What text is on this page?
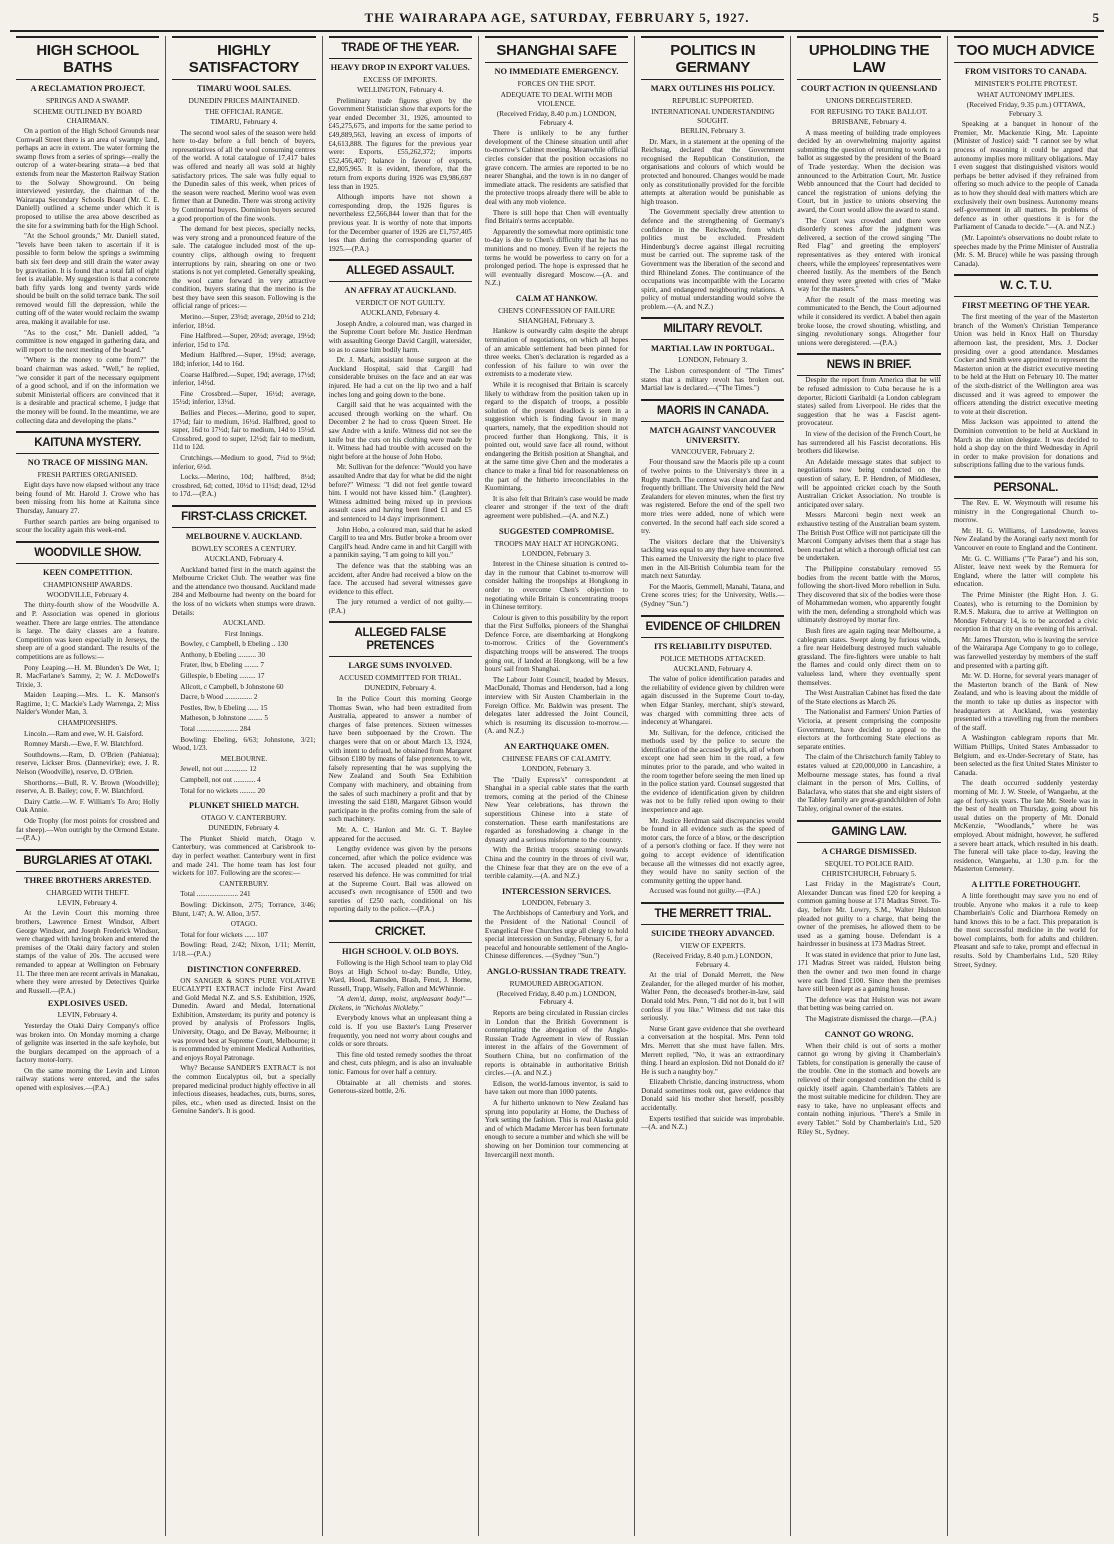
THE WAIRARAPA AGE, SATURDAY, FEBRUARY 5, 1927.	5
HIGH SCHOOL BATHS
A RECLAMATION PROJECT.
SPRINGS AND A SWAMP.
SCHEME OUTLINED BY BOARD CHAIRMAN.

On a portion of the High School Grounds near Cornwall Street there is an area of swampy land, perhaps an acre in extent. The water forming the swamp flows from a series of springs—really the outcrop of a water-bearing strata—a bed that extends from near the Masterton Railway Station to the Solway Showground. On being interviewed yesterday, the chairman of the Wairarapa Secondary Schools Board (Mr. C. E. Daniell) outlined a scheme under which it is proposed to utilise the area above described as the site for a swimming bath for the High School.

"At the School grounds," Mr. Daniell stated, "levels have been taken to ascertain if it is possible to form below the springs a swimming bath six feet deep and still drain the water away by gravitation. It is found that a total fall of eight feet is available. My suggestion is that a concrete bath fifty yards long and twenty yards wide should be built on the solid terrace bank. The soil removed would fill the depression, while the cutting off of the water would reclaim the swamp area, making it available for use.

"As to the cost," Mr. Daniell added, "a committee is now engaged in gathering data, and will report to the next meeting of the board."

"Where is the money to come from?" the board chairman was asked. "Well," he replied, "we consider it part of the necessary equipment of a good school, and if on the information we submit Ministerial officers are convinced that it is a desirable and practical scheme, I judge that the money will be found. In the meantime, we are collecting data and developing the plans."

KAITUNA MYSTERY.
NO TRACE OF MISSING MAN.
FRESH PARTIES ORGANISED.

Eight days have now elapsed without any trace being found of Mr. Harold J. Crowe who has been missing from his home at Kaituna since Thursday, January 27.

Further search parties are being organised to scour the locality again this week-end.

WOODVILLE SHOW.
KEEN COMPETITION.
CHAMPIONSHIP AWARDS.
WOODVILLE, February 4.

The thirty-fourth show of the Woodville A. and P. Association was opened in glorious weather. There are large entries. The attendance is large. The dairy classes are a feature. Competition was keen especially in Jerseys, the sheep are of a good standard. The results of the competitions are as follows:—

Pony Leaping.—H. M. Blunden's De Wet, 1; R. MacFarlane's Sammy, 2; W. J. McDowell's Trixie, 3.

Maiden Leaping.—Mrs. L. K. Manson's Ragtime, 1; C. Mackie's Lady Warrenga, 2; Miss Nalder's Wonder Man, 3.

CHAMPIONSHIPS.

Lincoln.—Ram and ewe, W. H. Gaisford.

Romney Marsh.—Ewe, F. W. Blatchford.

Southdowns.—Ram, D. O'Brien (Pahiatua); reserve, Lickser Bros. (Dannevirke); ewe, J. R. Nelson (Woodville), reserve, D. O'Brien.

Shorthorns.—Bull, R. V. Brown (Woodville); reserve, A. B. Bailey; cow, F. W. Blatchford.

Dairy Cattle.—W. F. William's To Aro; Holly Oak Annie.

Ode Trophy (for most points for crossbred and fat sheep).—Won outright by the Ormond Estate.—(P.A.)

BURGLARIES AT OTAKI.
THREE BROTHERS ARRESTED.
CHARGED WITH THEFT.
LEVIN, February 4.

At the Levin Court this morning three brothers, Lawrence Ernest Windsor, Albert George Windsor, and Joseph Frederick Windsor, were charged with having broken and entered the premises of the Otaki dairy factory and stolen stamps of the value of 20s. The accused were remanded to appear at Wellington on February 11. The three men are recent arrivals in Manakau, where they were arrested by Detectives Quirke and Russell.—(P.A.)

EXPLOSIVES USED.
LEVIN, February 4.

Yesterday the Otaki Dairy Company's office was broken into. On Monday morning a charge of gelignite was inserted in the safe keyhole, but the burglars decamped on the approach of a factory motor-lorry.

On the same morning the Levin and Linton railway stations were entered, and the safes opened with explosives.—(P.A.)

HIGHLY SATISFACTORY
TIMARU WOOL SALES.
DUNEDIN PRICES MAINTAINED.
THE OFFICIAL RANGE.
TIMARU, February 4.

The second wool sales of the season were held here to-day before a full bench of buyers, representatives of all the wool consuming centres of the world. A total catalogue of 17,417 bales was offered and nearly all was sold at highly satisfactory prices. The sale was fully equal to the Dunedin sales of this week, when prices of the season were reached. Merino wool was even firmer than at Dunedin. There was strong activity by Continental buyers. Dominion buyers secured a good proportion of the fine wools.

The demand for best pieces, specially necks, was very strong and a pronounced feature of the sale. The catalogue included most of the up-country clips, although owing to frequent interruptions by rain, shearing on one or two stations is not yet completed. Generally speaking, the wool came forward in very attractive condition, buyers stating that the merino is the best they have seen this season. Following is the official range of prices:—

Merino.—Super, 23½d; average, 20½d to 21d; inferior, 18½d.

Fine Halfbred.—Super, 20½d; average, 19½d; inferior, 15d to 17d.

Medium Halfbred.—Super, 19½d; average, 18d; inferior, 14d to 16d.

Coarse Halfbred.—Super, 19d; average, 17½d; inferior, 14½d.

Fine Crossbred.—Super, 16½d; average, 15½d; inferior, 13½d.

Bellies and Pieces.—Merino, good to super, 17½d; fair to medium, 16½d. Halfbred, good to super, 16d to 17½d; fair to medium, 14d to 15½d. Crossbred, good to super, 12½d; fair to medium, 11d to 12d.

Crutchings.—Medium to good, 7½d to 9½d; inferior, 6½d.

Locks.—Merino, 10d; halfbred, 8½d; crossbred, 6d; cotted, 10½d to 11½d; dead, 12½d to 17d.—(P.A.)

FIRST-CLASS CRICKET.
MELBOURNE V. AUCKLAND.
BOWLEY SCORES A CENTURY.
AUCKLAND, February 4.

Auckland batted first in the match against the Melbourne Cricket Club. The weather was fine and the attendance two thousand. Auckland made 284 and Melbourne had twenty on the board for the loss of no wickets when stumps were drawn. Details:

AUCKLAND.

First Innings.

Bowley, c Campbell, b Ebeling .. 130

Anthony, b Ebeling .......... 30

Frater, lbw, b Ebeling ........ 7

Gillespie, b Ebeling ......... 17

Allcott, c Campbell, b Johnstone 60

Dacre, b Wood ............... 2

Postles, lbw, b Ebeling ...... 15

Matheson, b Johnstone ........ 5

Total ....................... 284

Bowling: Ebeling, 6/63; Johnstone, 3/21; Wood, 1/23.

MELBOURNE.

Jewell, not out ............. 12

Campbell, not out ............ 4

Total for no wickets ......... 20

PLUNKET SHIELD MATCH.
OTAGO V. CANTERBURY.
DUNEDIN, February 4.

The Plunket Shield match, Otago v. Canterbury, was commenced at Carisbrook to-day in perfect weather. Canterbury went in first and made 241. The home team has lost four wickets for 107. Following are the scores:—

CANTERBURY.

Total ....................... 241

Bowling: Dickinson, 2/75; Torrance, 3/46; Blunt, 1/47; A. W. Alloo, 3/57.

OTAGO.

Total for four wickets ...... 107

Bowling: Read, 2/42; Nixon, 1/11; Merritt, 1/18.—(P.A.)

DISTINCTION CONFERRED.

ON SANGER & SON'S PURE VOLATIVE EUCALYPTI EXTRACT include First Award and Gold Medal N.Z. and S.S. Exhibition, 1926, Dunedin. Award and Medal, International Exhibition, Amsterdam; its purity and potency is proved by analysis of Professors Inglis, University, Otago, and De Bavay, Melbourne; it was proved best at Supreme Court, Melbourne; it is recommended by eminent Medical Authorities, and enjoys Royal Patronage.

Why? Because SANDER'S EXTRACT is not the common Eucalyptus oil, but a specially prepared medicinal product highly effective in all infectious diseases, headaches, cuts, burns, sores, piles, etc., when used as directed. Insist on the Genuine Sander's. It is good.

TRADE OF THE YEAR.
HEAVY DROP IN EXPORT VALUES.
EXCESS OF IMPORTS.
WELLINGTON, February 4.

Preliminary trade figures given by the Government Statistician show that exports for the year ended December 31, 1926, amounted to £45,275,675, and imports for the same period to £49,889,563, leaving an excess of imports of £4,613,888. The figures for the previous year were: Exports, £55,262,372; imports £52,456,407; balance in favour of exports, £2,805,965. It is evident, therefore, that the return from exports during 1926 was £9,986,697 less than in 1925.

Although imports have not shown a corresponding drop, the 1926 figures is nevertheless £2,566,844 lower than that for the previous year. It is worthy of note that imports for the December quarter of 1926 are £1,757,405 less than during the corresponding quarter of 1925.—(P.A.)

ALLEGED ASSAULT.
AN AFFRAY AT AUCKLAND.
VERDICT OF NOT GUILTY.
AUCKLAND, February 4.

Joseph Andre, a coloured man, was charged in the Supreme Court before Mr. Justice Herdman with assaulting George David Cargill, watersider, so as to cause him bodily harm.

Dr. J. Mark, assistant house surgeon at the Auckland Hospital, said that Cargill had considerable bruises on the face and an ear was injured. He had a cut on the lip two and a half inches long and going down to the bone.

Cargill said that he was acquainted with the accused through working on the wharf. On December 2 he had to cross Queen Street. He saw Andre with a knife. Witness did not see the knife but the cuts on his clothing were made by it. Witness had had trouble with accused on the night before at the house of John Hobo.

Mr. Sullivan for the defence: "Would you have assaulted Andre that day for what he did the night before?" Witness: "I did not feel gentle toward him. I would not have kissed him." (Laughter). Witness admitted being mixed up in previous assault cases and having been fined £1 and £5 and sentenced to 14 days' imprisonment.

John Hobo, a coloured man, said that he asked Cargill to tea and Mrs. Butler broke a broom over Cargill's head. Andre came in and hit Cargill with a pannikin saying, "I am going to kill you."

The defence was that the stabbing was an accident, after Andre had received a blow on the face. The accused had several witnesses gave evidence to this effect.

The jury returned a verdict of not guilty.—(P.A.)

ALLEGED FALSE PRETENCES
LARGE SUMS INVOLVED.
ACCUSED COMMITTED FOR TRIAL.
DUNEDIN, February 4.

In the Police Court this morning George Thomas Swan, who had been extradited from Australia, appeared to answer a number of charges of false pretences. Sixteen witnesses have been subpoenaed by the Crown. The charges were that on or about March 13, 1924, with intent to defraud, he obtained from Margaret Gibson £180 by means of false pretences, to wit, falsely representing that he was supplying the New Zealand and South Sea Exhibition Company with machinery, and obtaining from the sales of such machinery a profit and that by investing the said £180, Margaret Gibson would participate in the profits coming from the sale of such machinery.

Mr. A. C. Hanlon and Mr. G. T. Baylee appeared for the accused.

Lengthy evidence was given by the persons concerned, after which the police evidence was taken. The accused pleaded not guilty, and reserved his defence. He was committed for trial at the Supreme Court. Bail was allowed on accused's own recognisance of £500 and two sureties of £250 each, conditional on his reporting daily to the police.—(P.A.)

CRICKET.
HIGH SCHOOL V. OLD BOYS.

Following is the High School team to play Old Boys at High School to-day: Bundle, Utley, Ward, Hood, Ramsden, Brash, Fenst, J. Horne, Russell, Trapp, Wisely, Fallon and McWhinnie.

"A dem'd, damp, moist, unpleasant body!"—Dickens, in "Nicholas Nickleby."

Everybody knows what an unpleasant thing a cold is. If you use Baxter's Lung Preserver frequently, you need not worry about coughs and colds or sore throats.

This fine old tested remedy soothes the throat and chest, cuts phlegm, and is also an invaluable tonic. Famous for over half a century.

Obtainable at all chemists and stores. Generous-sized bottle, 2/6.

SHANGHAI SAFE
NO IMMEDIATE EMERGENCY.
FORCES ON THE SPOT.
ADEQUATE TO DEAL WITH MOB VIOLENCE.
(Received Friday, 8.40 p.m.) LONDON, February 4.

There is unlikely to be any further development of the Chinese situation until after to-morrow's Cabinet meeting. Meanwhile official circles consider that the position occasions no grave concern. The armies are reported to be no nearer Shanghai, and the town is in no danger of immediate attack. The residents are satisfied that the protective troops already there will be able to deal with any mob violence.

There is still hope that Chen will eventually find Britain's terms acceptable.

Apparently the somewhat more optimistic tone to-day is due to Chen's difficulty that he has no munitions and no money. Even if he rejects the terms he would be powerless to carry on for a prolonged period. The hope is expressed that he will eventually disregard Moscow.—(A. and N.Z.)

CALM AT HANKOW.
CHEN'S CONFESSION OF FAILURE
SHANGHAI, February 3.

Hankow is outwardly calm despite the abrupt termination of negotiations, on which all hopes of an amicable settlement had been pinned for three weeks. Chen's declaration is regarded as a confession of his failure to win over the extremists to a moderate view.

While it is recognised that Britain is scarcely likely to withdraw from the position taken up in regard to the dispatch of troops, a possible solution of the present deadlock is seen in a suggestion which is finding favour in many quarters, namely, that the expedition should not proceed further than Hongkong. This, it is pointed out, would save face all round, without endangering the British position at Shanghai, and at the same time give Chen and the moderates a chance to make a final bid for reasonableness on the part of the hitherto irreconcilables in the Kuomintang.

It is also felt that Britain's case would be made clearer and stronger if the text of the draft agreement were published.—(A. and N.Z.)

SUGGESTED COMPROMISE.
TROOPS MAY HALT AT HONGKONG.
LONDON, February 3.

Interest in the Chinese situation is centred to-day in the rumour that Cabinet to-morrow will consider halting the troopships at Hongkong in order to overcome Chen's objection to negotiating while Britain is concentrating troops in Chinese territory.

Colour is given to this possibility by the report that the First Suffolks, pioneers of the Shanghai Defence Force, are disembarking at Hongkong to-morrow. Critics of the Government's dispatching troops will be answered. The troops going out, if landed at Hongkong, will be a few hours' sail from Shanghai.

The Labour Joint Council, headed by Messrs. MacDonald, Thomas and Henderson, had a long interview with Sir Austen Chamberlain in the Foreign Office. Mr. Baldwin was present. The delegates later addressed the Joint Council, which is resuming its discussion to-morrow.—(A. and N.Z.)

AN EARTHQUAKE OMEN.
CHINESE FEARS OF CALAMITY.
LONDON, February 3.

The "Daily Express's" correspondent at Shanghai in a special cable states that the earth tremors, coming at the period of the Chinese New Year celebrations, has thrown the superstitious Chinese into a state of consternation. These earth manifestations are regarded as foreshadowing a change in the dynasty and a serious misfortune to the country.

With the British troops steaming towards China and the country in the throes of civil war, the Chinese fear that they are on the eve of a terrible calamity.—(A. and N.Z.)

INTERCESSION SERVICES.
LONDON, February 3.

The Archbishops of Canterbury and York, and the President of the National Council of Evangelical Free Churches urge all clergy to hold special intercession on Sunday, February 6, for a peaceful and honourable settlement of the Anglo-Chinese differences. —(Sydney "Sun.")

ANGLO-RUSSIAN TRADE TREATY.
RUMOURED ABROGATION.
(Received Friday, 8.40 p.m.) LONDON, February 4.

Reports are being circulated in Russian circles in London that the British Government is contemplating the abrogation of the Anglo-Russian Trade Agreement in view of Russian interest in the affairs of the Government of Southern China, but no confirmation of the reports is obtainable in authoritative British circles.—(A. and N.Z.)

Edison, the world-famous inventor, is said to have taken out more than 1000 patents.

A fur hitherto unknown to New Zealand has sprung into popularity at Home, the Duchess of York setting the fashion. This is real Alaska gold and of which Madame Mercer has been fortunate enough to secure a number and which she will be showing on her Dominion tour commencing at Invercargill next month.

POLITICS IN GERMANY
MARX OUTLINES HIS POLICY.
REPUBLIC SUPPORTED.
INTERNATIONAL UNDERSTANDING SOUGHT.
BERLIN, February 3.

Dr. Marx, in a statement at the opening of the Reichstag, declared that the Government recognised the Republican Constitution, the organisations and colours of which would be protected and honoured. Changes would be made only as constitutionally provided for the forcible attempts at alteration would be punishable as high treason.

The Government specially drew attention to defence and the strengthening of Germany's confidence in the Reichswehr, from which politics must be excluded. President Hindenburg's decree against illegal recruiting must be carried out. The supreme task of the Government was the liberation of the second and third Rhineland Zones. The continuance of the occupations was incompatible with the Locarno spirit, and endangered neighbouring relations. A policy of mutual understanding would solve the problem.—(A. and N.Z.)

MILITARY REVOLT.
MARTIAL LAW IN PORTUGAL.
LONDON, February 3.

The Lisbon correspondent of "The Times" states that a military revolt has broken out. Martial law is declared.—("The Times.")

MAORIS IN CANADA.
MATCH AGAINST VANCOUVER UNIVERSITY.
VANCOUVER, February 2.

Four thousand saw the Maoris pile up a count of twelve points to the University's three in a Rugby match. The contest was clean and fast and frequently brilliant. The University held the New Zealanders for eleven minutes, when the first try was registered. Before the end of the spell two more tries were added, none of which were converted. In the second half each side scored a try.

The visitors declare that the University's tackling was equal to any they have encountered. This earned the University the right to place five men in the All-British Columbia team for the match next Saturday.

For the Maoris, Gemmell, Manahi, Tatana, and Crene scores tries; for the University, Wells.—(Sydney "Sun.")

EVIDENCE OF CHILDREN
ITS RELIABILITY DISPUTED.
POLICE METHODS ATTACKED.
AUCKLAND, February 4.

The value of police identification parades and the reliability of evidence given by children were again discussed in the Supreme Court to-day, when Edgar Stanley, merchant, ship's steward, was charged with committing three acts of indecency at Whangarei.

Mr. Sullivan, for the defence, criticised the methods used by the police to secure the identification of the accused by girls, all of whom except one had seen him in the road, a few minutes prior to the parade, and who waited in the room together before seeing the men lined up in the police station yard. Counsel suggested that the evidence of identification given by children was not to be fully relied upon owing to their inexperience and age.

Mr. Justice Herdman said discrepancies would be found in all evidence such as the speed of motor cars, the force of a blow, or the description of a person's clothing or face. If they were not going to accept evidence of identification because all the witnesses did not exactly agree, they would have no sanity section of the community getting the upper hand.

Accused was found not guilty.—(P.A.)

THE MERRETT TRIAL.
SUICIDE THEORY ADVANCED.
VIEW OF EXPERTS.
(Received Friday, 8.40 p.m.) LONDON, February 4.

At the trial of Donald Merrett, the New Zealander, for the alleged murder of his mother, Walter Penn, the deceased's brother-in-law, said Donald told Mrs. Penn, "I did not do it, but I will confess if you like." Witness did not take this seriously.

Nurse Grant gave evidence that she overheard a conversation at the hospital. Mrs. Penn told Mrs. Merrett that she must have fallen. Mrs. Merrett replied, "No, it was an extraordinary thing. I heard an explosion. Did not Donald do it? He is such a naughty boy."

Elizabeth Christie, dancing instructress, whom Donald sometimes took out, gave evidence that Donald said his mother shot herself, possibly accidentally.

Experts testified that suicide was improbable.—(A. and N.Z.)

UPHOLDING THE LAW
COURT ACTION IN QUEENSLAND
UNIONS DEREGISTERED.
FOR REFUSING TO TAKE BALLOT.
BRISBANE, February 4.

A mass meeting of building trade employees decided by an overwhelming majority against submitting the question of returning to work to a ballot as suggested by the president of the Board of Trade yesterday. When the decision was announced to the Arbitration Court, Mr. Justice Webb announced that the Court had decided to cancel the registration of unions defying the Court, but in justice to unions observing the award, the Court would allow the award to stand.

The Court was crowded and there were disorderly scenes after the judgment was delivered, a section of the crowd singing "The Red Flag" and greeting the employers' representatives as they entered with ironical cheers, while the employees' representatives were cheered lustily. As the members of the Bench entered they were greeted with cries of "Make way for the masters."

After the result of the mass meeting was communicated to the Bench, the Court adjourned while it considered its verdict. A babel then again broke loose, the crowd shouting, whistling, and singing revolutionary songs. Altogether four unions were deregistered. —(P.A.)

NEWS IN BRIEF.

Despite the report from America that he will be refused admission to Cuba because he is a deporter, Riciotti Garibaldi (a London cablegram states) sailed from Liverpool. He rides that the suggestion that he was a Fascist agent-provocateur.

In view of the decision of the French Court, he has surrendered all his Fascist decorations. His brothers did likewise.

An Adelaide message states that subject to negotiations now being conducted on the question of salary, E. P. Hendren, of Middlesex, will be appointed cricket coach by the South Australian Cricket Association. No trouble is anticipated over salary.

Messrs Marconi begin next week an exhaustive testing of the Australian beam system. The British Post Office will not participate till the Marconi Company advises them that a stage has been reached at which a thorough official test can be undertaken.

The Philippine constabulary removed 55 bodies from the recent battle with the Moros, following the short-lived Moro rebellion in Sulu. They discovered that six of the bodies were those of Mohammedan women, who apparently fought with the men, defending a stronghold which was ultimately destroyed by mortar fire.

Bush fires are again raging near Melbourne, a cablegram states. Swept along by furious winds, a fire near Heidelburg destroyed much valuable grassland. The fire-fighters were unable to halt the flames and could only direct them on to valueless land, where they eventually spent themselves.

The West Australian Cabinet has fixed the date of the State elections as March 26.

The Nationalist and Farmers' Union Parties of Victoria, at present comprising the composite Government, have decided to appeal to the electors at the forthcoming State elections as separate entities.

The claim of the Christchurch family Tabley to estates valued at £20,000,000 in Lancashire, a Melbourne message states, has found a rival claimant in the person of Mrs. Collins, of Balaclava, who states that she and eight sisters of the Tabley family are great-grandchildren of John Tabley, original owner of the estates.

GAMING LAW.
A CHARGE DISMISSED.
SEQUEL TO POLICE RAID.
CHRISTCHURCH, February 5.

Last Friday in the Magistrate's Court, Alexander Duncan was fined £20 for keeping a common gaming house at 171 Madras Street. To-day, before Mr. Lowry, S.M., Walter Hulston pleaded not guilty to a charge, that being the owner of the premises, he allowed them to be used as a gaming house. Defendant is a hairdresser in business at 173 Madras Street.

It was stated in evidence that prior to June last, 171 Madras Street was raided, Hulston being then the owner and two men found in charge were each fined £100. Since then the premises have still been kept as a gaming house.

The defence was that Hulston was not aware that betting was being carried on.

The Magistrate dismissed the charge.—(P.A.)

CANNOT GO WRONG.

When their child is out of sorts a mother cannot go wrong by giving it Chamberlain's Tablets, for constipation is generally the cause of the trouble. One in the stomach and bowels are relieved of their congested condition the child is quickly itself again. Chamberlain's Tablets are the most suitable medicine for children. They are easy to take, have no unpleasant effects and contain nothing injurious. "There's a Smile in every Tablet." Sold by Chamberlain's Ltd., 520 Riley St., Sydney.

TOO MUCH ADVICE
FROM VISITORS TO CANADA.
MINISTER'S POLITE PROTEST.
WHAT AUTONOMY IMPLIES.
(Received Friday, 9.35 p.m.) OTTAWA, February 3.

Speaking at a banquet in honour of the Premier, Mr. Mackenzie King, Mr. Lapointe (Minister of Justice) said: "I cannot see by what process of reasoning it could be argued that autonomy implies more military obligations. May I even suggest that distinguished visitors would perhaps be better advised if they refrained from offering so much advice to the people of Canada as to how they should deal with matters which are exclusively their own business. Autonomy means self-government in all matters. In problems of defence as in other questions it is for the Parliament of Canada to decide."—(A. and N.Z.)

(Mr. Lapointe's observations no doubt relate to speeches made by the Prime Minister of Australia (Mr. S. M. Bruce) while he was passing through Canada).

W. C. T. U.
FIRST MEETING OF THE YEAR.

The first meeting of the year of the Masterton branch of the Women's Christian Temperance Union was held in Knox Hall on Thursday afternoon last, the president, Mrs. J. Docker presiding over a good attendance. Mesdames Cocker and Smith were appointed to represent the Masterton union at the district executive meeting to be held at the Hutt on February 10. The matter of the sixth-district of the Wellington area was discussed and it was agreed to empower the officers attending the district executive meeting to vote at their discretion.

Miss Jackson was appointed to attend the Dominion convention to be held at Auckland in March as the union delegate. It was decided to hold a shop day on the third Wednesday in April in order to make provision for donations and subscriptions falling due to the various funds.

PERSONAL.

The Rev. E. W. Weymouth will resume his ministry in the Congregational Church to-morrow.

Mr. H. G. Williams, of Lansdowne, leaves New Zealand by the Aorangi early next month for Vancouver en route to England and the Continent.

Mr. G. C. Williams ("Te Parae") and his son, Alister, leave next week by the Remuera for England, where the latter will complete his education.

The Prime Minister (the Right Hon. J. G. Coates), who is returning to the Dominion by R.M.S. Makura, due to arrive at Wellington on Monday February 14, is to be accorded a civic reception in that city on the evening of his arrival.

Mr. James Thurston, who is leaving the service of the Wairarapa Age Company to go to college, was farewelled yesterday by members of the staff and presented with a parting gift.

Mr. W. D. Horne, for several years manager of the Masterton branch of the Bank of New Zealand, and who is leaving about the middle of the month to take up duties as inspector with headquarters at Auckland, was yesterday presented with a travelling rug from the members of the staff.

A Washington cablegram reports that Mr. William Phillips, United States Ambassador to Belgium, and ex-Under-Secretary of State, has been selected as the first United States Minister to Canada.

The death occurred suddenly yesterday morning of Mr. J. W. Steele, of Wangaehu, at the age of forty-six years. The late Mr. Steele was in the best of health on Thursday, going about his usual duties on the property of Mr. Donald McKenzie, "Woodlands," where he was employed. About midnight, however, he suffered a severe heart attack, which resulted in his death. The funeral will take place to-day, leaving the residence, Wangaehu, at 1.30 p.m. for the Masterton Cemetery.

A LITTLE FORETHOUGHT.

A little forethought may save you no end of trouble. Anyone who makes it a rule to keep Chamberlain's Colic and Diarrhoea Remedy on hand knows this to be a fact. This preparation is the most successful medicine in the world for bowel complaints, both for adults and children. Pleasant and safe to take, prompt and effectual in results. Sold by Chamberlains Ltd., 520 Riley Street, Sydney.
